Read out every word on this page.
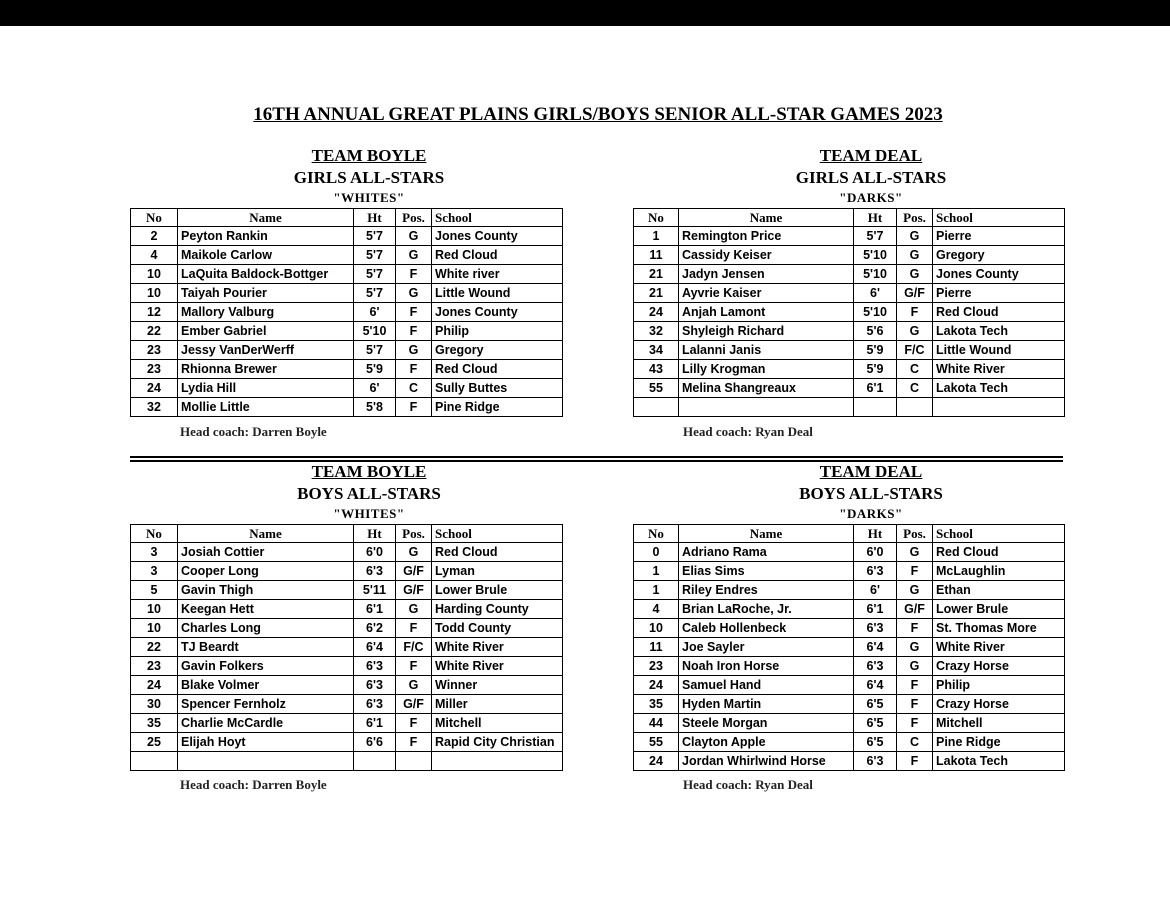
16TH ANNUAL GREAT PLAINS GIRLS/BOYS SENIOR ALL-STAR GAMES 2023
TEAM BOYLE
GIRLS ALL-STARS
"WHITES"
TEAM DEAL
GIRLS ALL-STARS
"DARKS"
No	Name	Ht	Pos.	School
2	Peyton Rankin	5'7	G	Jones County
4	Maikole Carlow	5'7	G	Red Cloud
10	LaQuita Baldock-Bottger	5'7	F	White river
10	Taiyah Pourier	5'7	G	Little Wound
12	Mallory Valburg	6'	F	Jones County
22	Ember Gabriel	5'10	F	Philip
23	Jessy VanDerWerff	5'7	G	Gregory
23	Rhionna Brewer	5'9	F	Red Cloud
24	Lydia Hill	6'	C	Sully Buttes
32	Mollie Little	5'8	F	Pine Ridge
No	Name	Ht	Pos.	School
1	Remington Price	5'7	G	Pierre
11	Cassidy Keiser	5'10	G	Gregory
21	Jadyn Jensen	5'10	G	Jones County
21	Ayvrie Kaiser	6'	G/F	Pierre
24	Anjah Lamont	5'10	F	Red Cloud
32	Shyleigh Richard	5'6	G	Lakota Tech
34	Lalanni Janis	5'9	F/C	Little Wound
43	Lilly Krogman	5'9	C	White River
55	Melina Shangreaux	6'1	C	Lakota Tech

Head coach: Darren Boyle	Head coach: Ryan Deal
TEAM BOYLE
BOYS ALL-STARS
"WHITES"
TEAM DEAL
BOYS ALL-STARS
"DARKS"
No	Name	Ht	Pos.	School
3	Josiah Cottier	6'0	G	Red Cloud
3	Cooper Long	6'3	G/F	Lyman
5	Gavin Thigh	5'11	G/F	Lower Brule
10	Keegan Hett	6'1	G	Harding County
10	Charles Long	6'2	F	Todd County
22	TJ Beardt	6'4	F/C	White River
23	Gavin Folkers	6'3	F	White River
24	Blake Volmer	6'3	G	Winner
30	Spencer Fernholz	6'3	G/F	Miller
35	Charlie McCardle	6'1	F	Mitchell
25	Elijah Hoyt	6'6	F	Rapid City Christian

No	Name	Ht	Pos.	School
0	Adriano Rama	6'0	G	Red Cloud
1	Elias Sims	6'3	F	McLaughlin
1	Riley Endres	6'	G	Ethan
4	Brian LaRoche, Jr.	6'1	G/F	Lower Brule
10	Caleb Hollenbeck	6'3	F	St. Thomas More
11	Joe Sayler	6'4	G	White River
23	Noah Iron Horse	6'3	G	Crazy Horse
24	Samuel Hand	6'4	F	Philip
35	Hyden Martin	6'5	F	Crazy Horse
44	Steele Morgan	6'5	F	Mitchell
55	Clayton Apple	6'5	C	Pine Ridge
24	Jordan Whirlwind Horse	6'3	F	Lakota Tech
Head coach: Darren Boyle	Head coach: Ryan Deal
